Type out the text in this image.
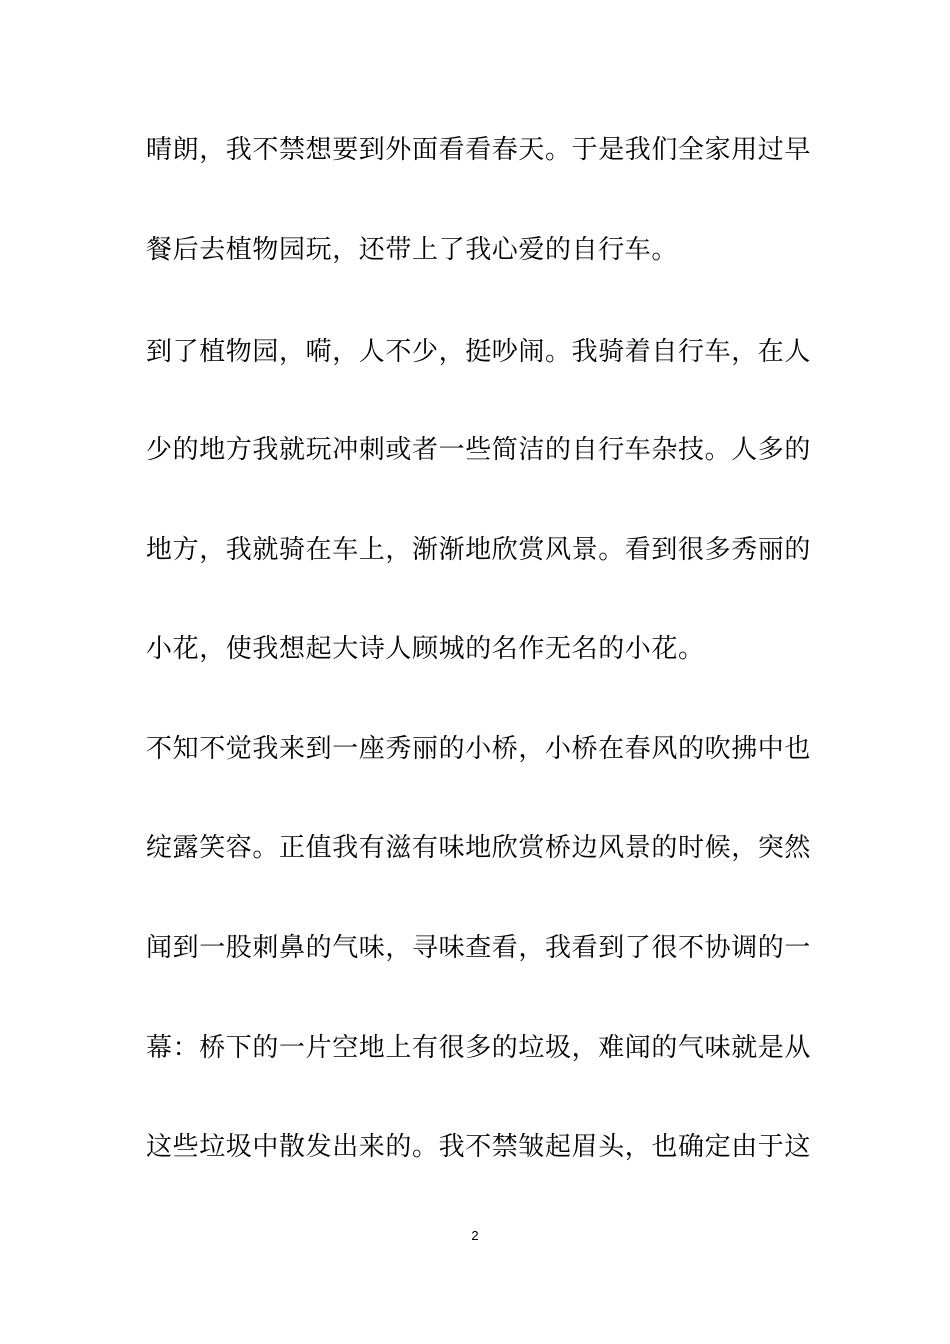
晴朗，我不禁想要到外面看看春天。于是我们全家用过早
餐后去植物园玩，还带上了我心爱的自行车。
到了植物园，嗬，人不少，挺吵闹。我骑着自行车，在人
少的地方我就玩冲刺或者一些简洁的自行车杂技。人多的
地方，我就骑在车上，渐渐地欣赏风景。看到很多秀丽的
小花，使我想起大诗人顾城的名作无名的小花。
不知不觉我来到一座秀丽的小桥，小桥在春风的吹拂中也
绽露笑容。正值我有滋有味地欣赏桥边风景的时候，突然
闻到一股刺鼻的气味，寻味查看，我看到了很不协调的一
幕：桥下的一片空地上有很多的垃圾，难闻的气味就是从
这些垃圾中散发出来的。我不禁皱起眉头，也确定由于这
2
